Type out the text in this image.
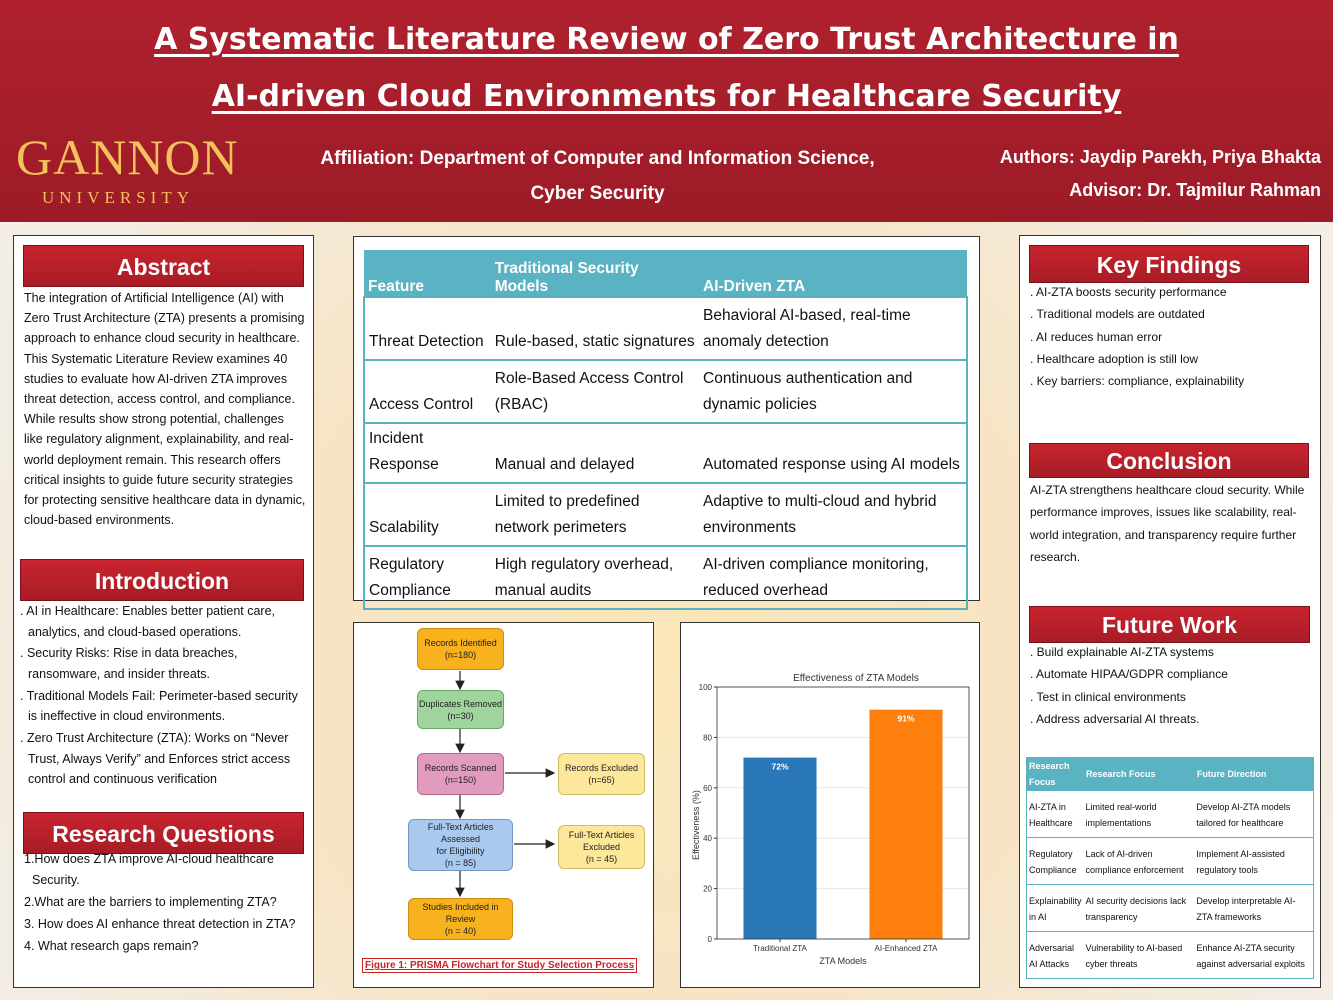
A Systematic Literature Review of Zero Trust Architecture in
AI-driven Cloud Environments for Healthcare Security
GANNON
UNIVERSITY
Affiliation: Department of Computer and Information Science,
Cyber Security
Authors: Jaydip Parekh, Priya Bhakta
Advisor: Dr. Tajmilur Rahman
Abstract
The integration of Artificial Intelligence (AI) with Zero Trust Architecture (ZTA) presents a promising approach to enhance cloud security in healthcare. This Systematic Literature Review examines 40 studies to evaluate how AI-driven ZTA improves threat detection, access control, and compliance. While results show strong potential, challenges like regulatory alignment, explainability, and real-world deployment remain. This research offers critical insights to guide future security strategies for protecting sensitive healthcare data in dynamic, cloud-based environments.
Introduction
. AI in Healthcare: Enables better patient care, analytics, and cloud-based operations.
. Security Risks: Rise in data breaches, ransomware, and insider threats.
. Traditional Models Fail: Perimeter-based security is ineffective in cloud environments.
. Zero Trust Architecture (ZTA): Works on “Never Trust, Always Verify” and Enforces strict access control and continuous verification
Research Questions
1.How does ZTA improve AI-cloud healthcare Security.
2.What are the barriers to implementing ZTA?
3. How does AI enhance threat detection in ZTA?
4. What research gaps remain?
Feature	Traditional Security Models	AI-Driven ZTA
Threat Detection	Rule-based, static signatures	Behavioral AI-based, real-time anomaly detection
Access Control	Role-Based Access Control (RBAC)	Continuous authentication and dynamic policies
Incident Response	Manual and delayed	Automated response using AI models
Scalability	Limited to predefined network perimeters	Adaptive to multi-cloud and hybrid environments
Regulatory Compliance	High regulatory overhead, manual audits	AI-driven compliance monitoring, reduced overhead
Records Identified
(n=180)
Duplicates Removed
(n=30)
Records Scanned
(n=150)
Records Excluded
(n=65)
Full-Text Articles Assessed
for Eligibility
(n = 85)
Full-Text Articles
Excluded
(n = 45)
Studies Included in Review
(n = 40)
Figure 1: PRISMA Flowchart for Study Selection Process
Effectiveness of ZTA Models
ZTA Models
Effectiveness (%)
72%
91%
0
20
40
60
80
100
Traditional ZTA	AI-Enhanced ZTA
Key Findings
. AI-ZTA boosts security performance
. Traditional models are outdated
. AI reduces human error
. Healthcare adoption is still low
. Key barriers: compliance, explainability
Conclusion
AI-ZTA strengthens healthcare cloud security. While performance improves, issues like scalability, real-world integration, and transparency require further research.
Future Work
. Build explainable AI-ZTA systems
. Automate HIPAA/GDPR compliance
. Test in clinical environments
. Address adversarial AI threats.
Research Focus	Research Focus	Future Direction
AI-ZTA in Healthcare	Limited real-world implementations	Develop AI-ZTA models tailored for healthcare
Regulatory Compliance	Lack of AI-driven compliance enforcement	Implement AI-assisted regulatory tools
Explainability in AI	AI security decisions lack transparency	Develop interpretable AI-ZTA frameworks
Adversarial AI Attacks	Vulnerability to AI-based cyber threats	Enhance AI-ZTA security against adversarial exploits
